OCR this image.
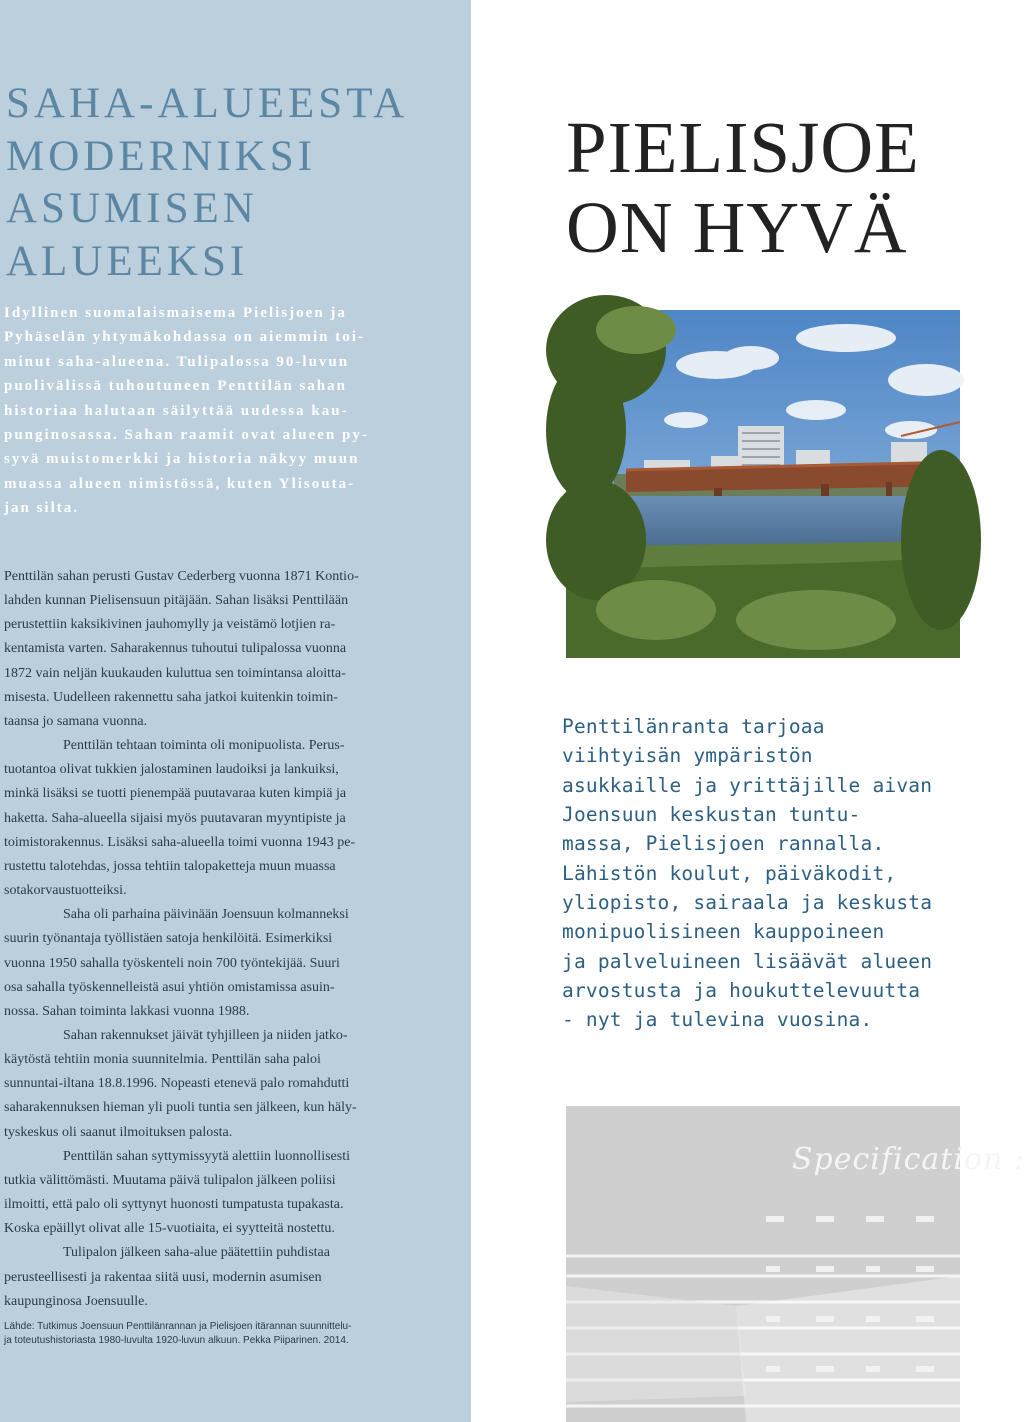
SAHA-ALUEESTA
MODERNIKSI
ASUMISEN
ALUEEKSI
Idyllinen suomalaismaisema Pielisjoen ja
Pyhäselän yhtymäkohdassa on aiemmin toi-
minut saha-alueena. Tulipalossa 90-luvun
puolivälissä tuhoutuneen Penttilän sahan
historiaa halutaan säilyttää uudessa kau-
punginosassa. Sahan raamit ovat alueen py-
syvä muistomerkki ja historia näkyy muun
muassa alueen nimistössä, kuten Ylisouta-
jan silta.
Penttilän sahan perusti Gustav Cederberg vuonna 1871 Kontio-
lahden kunnan Pielisensuun pitäjään. Sahan lisäksi Penttilään
perustettiin kaksikivinen jauhomylly ja veistämö lotjien ra-
kentamista varten. Saharakennus tuhoutui tulipalossa vuonna
1872 vain neljän kuukauden kuluttua sen toimintansa aloitta-
misesta. Uudelleen rakennettu saha jatkoi kuitenkin toimin-
taansa jo samana vuonna.
Penttilän tehtaan toiminta oli monipuolista. Perus-
tuotantoa olivat tukkien jalostaminen laudoiksi ja lankuiksi,
minkä lisäksi se tuotti pienempää puutavaraa kuten kimpiä ja
haketta. Saha-alueella sijaisi myös puutavaran myyntipiste ja
toimistorakennus. Lisäksi saha-alueella toimi vuonna 1943 pe-
rustettu talotehdas, jossa tehtiin talopaketteja muun muassa
sotakorvaustuotteiksi.
Saha oli parhaina päivinään Joensuun kolmanneksi
suurin työnantaja työllistäen satoja henkilöitä. Esimerkiksi
vuonna 1950 sahalla työskenteli noin 700 työntekijää. Suuri
osa sahalla työskennelleistä asui yhtiön omistamissa asuin-
nossa. Sahan toiminta lakkasi vuonna 1988.
Sahan rakennukset jäivät tyhjilleen ja niiden jatko-
käytöstä tehtiin monia suunnitelmia. Penttilän saha paloi
sunnuntai-iltana 18.8.1996. Nopeasti etenevä palo romahdutti
saharakennuksen hieman yli puoli tuntia sen jälkeen, kun häly-
tyskeskus oli saanut ilmoituksen palosta.
Penttilän sahan syttymissyytä alettiin luonnollisesti
tutkia välittömästi. Muutama päivä tulipalon jälkeen poliisi
ilmoitti, että palo oli syttynyt huonosti tumpatusta tupakasta.
Koska epäillyt olivat alle 15-vuotiaita, ei syytteitä nostettu.
Tulipalon jälkeen saha-alue päätettiin puhdistaa
perusteellisesti ja rakentaa siitä uusi, modernin asumisen
kaupunginosa Joensuulle.
Lähde: Tutkimus Joensuun Penttilänrannan ja Pielisjoen itärannan suunnittelu-
ja toteutushistoriasta 1980-luvulta 1920-luvun alkuun. Pekka Piiparinen. 2014.
PIELISJOE
ON HYVÄ
Penttilänranta tarjoaa
viihtyisän ympäristön
asukkaille ja yrittäjille aivan
Joensuun keskustan tuntu-
massa, Pielisjoen rannalla.
Lähistön koulut, päiväkodit,
yliopisto, sairaala ja keskusta
monipuolisineen kauppoineen
ja palveluineen lisäävät alueen
arvostusta ja houkuttelevuutta
- nyt ja tulevina vuosina.
Specification :
